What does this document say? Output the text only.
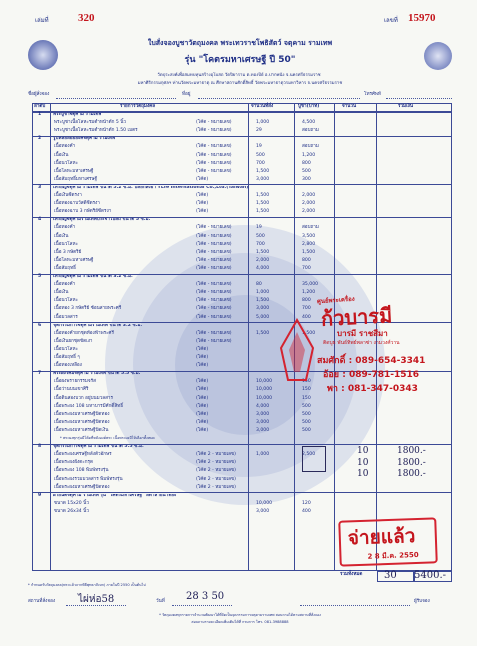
เล่มที่	320	เลขที่ 15970
ใบสั่งจองบูชาวัตถุมงคล พระเทวราชโพธิสัตว์ จตุคาม รามเทพ
รุ่น "โคตรมหาเศรษฐี ปี 50"
วัดปุระสงค์เพื่อสมทบทุนสร้างอุโบสถ วัดปิยาราม ต.ทองปีย์ อ.ปากพนัง จ.นครศรีธรรมราช
มหาศิริกรรมกุศลฯ ท่านวัดพระมหาธาตุ ณ ศึกษาสถานศักดิ์สิทธิ์ วัดพระมหาธาตุวรมหาวิหาร จ.นครศรีธรรมราช
ชื่อผู้สั่งจอง	ที่อยู่	โทรศัพท์
ลำดับ	รายการวัตถุมงคล	จำนวนที่สั่ง	บูชา(บาท)	จำนวน	รวมเงิน
1	พระบูชาจตุคาม รามเทพ
พระบูชาเนื้อโลหะรมดำหน้าตัก 5 นิ้ว	(โค้ด - หมายเลข)	1,000	4,500
พระบูชาเนื้อโลหะรมดำหน้าตัก 1.50 เมตร	(โค้ด - หมายเลข)	29	สอบถาม
2	รูปหล่อลอยองค์จตุคาม รามเทพ
เนื้อทองคำ	(โค้ด - หมายเลข)	19	สอบถาม
เนื้อเงิน	(โค้ด - หมายเลข)	500	1,200
เนื้อนวโลหะ	(โค้ด - หมายเลข)	700	800
เนื้อโลหะมหาเศรษฐี	(โค้ด - หมายเลข)	1,500	500
เนื้อสัมฤทธิ์มหาเศรษฐี	(โค้ด)	3,000	300
3	เหรียญจตุคาม รามเทพ ขนาด 5.2 ซ.ม. ปลอกลงยา YLYe International Co.,Ltd.(Taiwan)
เนื้อเงินซีดรงา	(โค้ด)	1,500	2,000
เนื้อทองฉาบวัสดีซีดรงา	(โค้ด)	1,500	2,000
เนื้อทองฉาบ 3 กษัตริย์ซีดรงา	(โค้ด)	1,500	2,000
4	เหรียญจตุคามรามเทพประจำโบสถ์ ขนาด 5 ซ.ม.
เนื้อทองคำ	(โค้ด - หมายเลข)	19	สอบถาม
เนื้อเงิน	(โค้ด - หมายเลข)	500	3,500
เนื้อนวโลหะ	(โค้ด - หมายเลข)	700	2,800
เนื้อ 3 กษัตริย์	(โค้ด - หมายเลข)	1,500	1,500
เนื้อโลหะมหาเศรษฐี	(โค้ด - หมายเลข)	2,000	800
เนื้อสัมฤทธิ์	(โค้ด - หมายเลข)	4,000	700
5	เหรียญจตุคาม รามเทพ ขนาด 3.2 ซ.ม.
เนื้อทองคำ	(โค้ด - หมายเลข)	80	35,000
เนื้อเงิน	(โค้ด - หมายเลข)	1,000	1,200
เนื้อนวโลหะ	(โค้ด - หมายเลข)	1,500	800
เนื้อทอง 3 กษัตริย์ ซ้อนสายพระศรี	(โค้ด - หมายเลข)	3,000	700
เนื้อมวลสาร	(โค้ด - หมายเลข)	5,000	400
6	ชุดกรรมการจตุคามรามเทพ ขนาด 3.2 ซ.ม.
เนื้อทองคำยกชุดท้องฟ้าพระศรี	(โค้ด - หมายเลข)	1,500	1,500
เนื้อเงินยกชุดขัดเงา	(โค้ด - หมายเลข)
เนื้อนวโลหะ	(โค้ด)
เนื้อสัมฤทธิ์ ๆ	(โค้ด)
เนื้อทองเหลือง	(โค้ด)
7	พระผงรัศมีจตุคาม รามเทพ ขนาด 5.5 ซ.ม.
เนื้อผงพรายกรรมจรัส	(โค้ด)	10,000	150
เนื้อว่านบนเขาศิริ	(โค้ด)	10,000	150
เนื้อดินสองบวก อยู่บนมวลสาร	(โค้ด)	10,000	150
เนื้อพระผง 108 มหาบารมีศักดิ์สิทธิ์	(โค้ด)	4,000	500
เนื้อพระผงมหาเศรษฐีปัดทอง	(โค้ด)	3,000	500
เนื้อพระผงมหาเศรษฐีปัดทอง	(โค้ด)	3,000	500
เนื้อพระผงมหาเศรษฐีปัดเงิน	(โค้ด)	3,000	500
* พระผงทุกรุ่นมีโค้ดที่หลังองค์พระ เนื้อพระผงมีให้เลือกทั้งหมด
8	ชุดกรรมการจตุคาม รามเทพ ขนาด 5.5 ซ.ม.
เนื้อพระผงเศรษฐีหลังตัวอักษร	(โค้ด 2 - หมายเลข)	1,000	2,500
เนื้อพระผงฝังตะกรุด	(โค้ด 2 - หมายเลข)
เนื้อพระผง 108 พิมพ์ทรงรุ่น	(โค้ด 2 - หมายเลข)
เนื้อพระผงรวมมวลสาร พิมพ์ทรงรุ่น	(โค้ด 2 - หมายเลข)
เนื้อพระผงมหาเศรษฐีปัดทอง	(โค้ด 2 - หมายเลข)
9	ผ้ายันต์จตุคาม รามเทพ รุ่น "โคตรมหาเศรษฐี" สีดำลายน้ำทอง
ขนาด 15x20 นิ้ว	10,000	120
ขนาด 26x34 นิ้ว	3,000	400
รวมทั้งหมด 30 5400.-
10	1800.-
10	1800.-
10	1800.-
* กำหนดรับวัตถุมงคล(พระแล้วจากพิธีพุทธาภิเษก) ภายในปี 2550 เป็นต้นไป
สถานที่สั่งจอง ไผ่ห่อ58	วันที่ 28 3 50	ผู้รับจอง
* วัตถุมงคลทุกรายการจำนวนพัฒนาได้ที่จัดเป็นจุดกรรมการจตุคามรามเทพ สอบถามได้ตามสถานที่สั่งจอง
สอบถามรายละเอียดเพิ่มเติมได้ที่ กรมการ โทร. 081-3988888
ศูนย์พระเครื่อง
ก้วบารมี
บารมี ราชสีมา
ติดบูธ พันธ์ทิพย์พลาซ่า งามวงศ์วาน
สมศักดิ์ : 089-654-3341
อ้อย : 089-781-1516
พา : 081-347-0343
จ่ายแล้ว
2 8 มี.ค. 2550
